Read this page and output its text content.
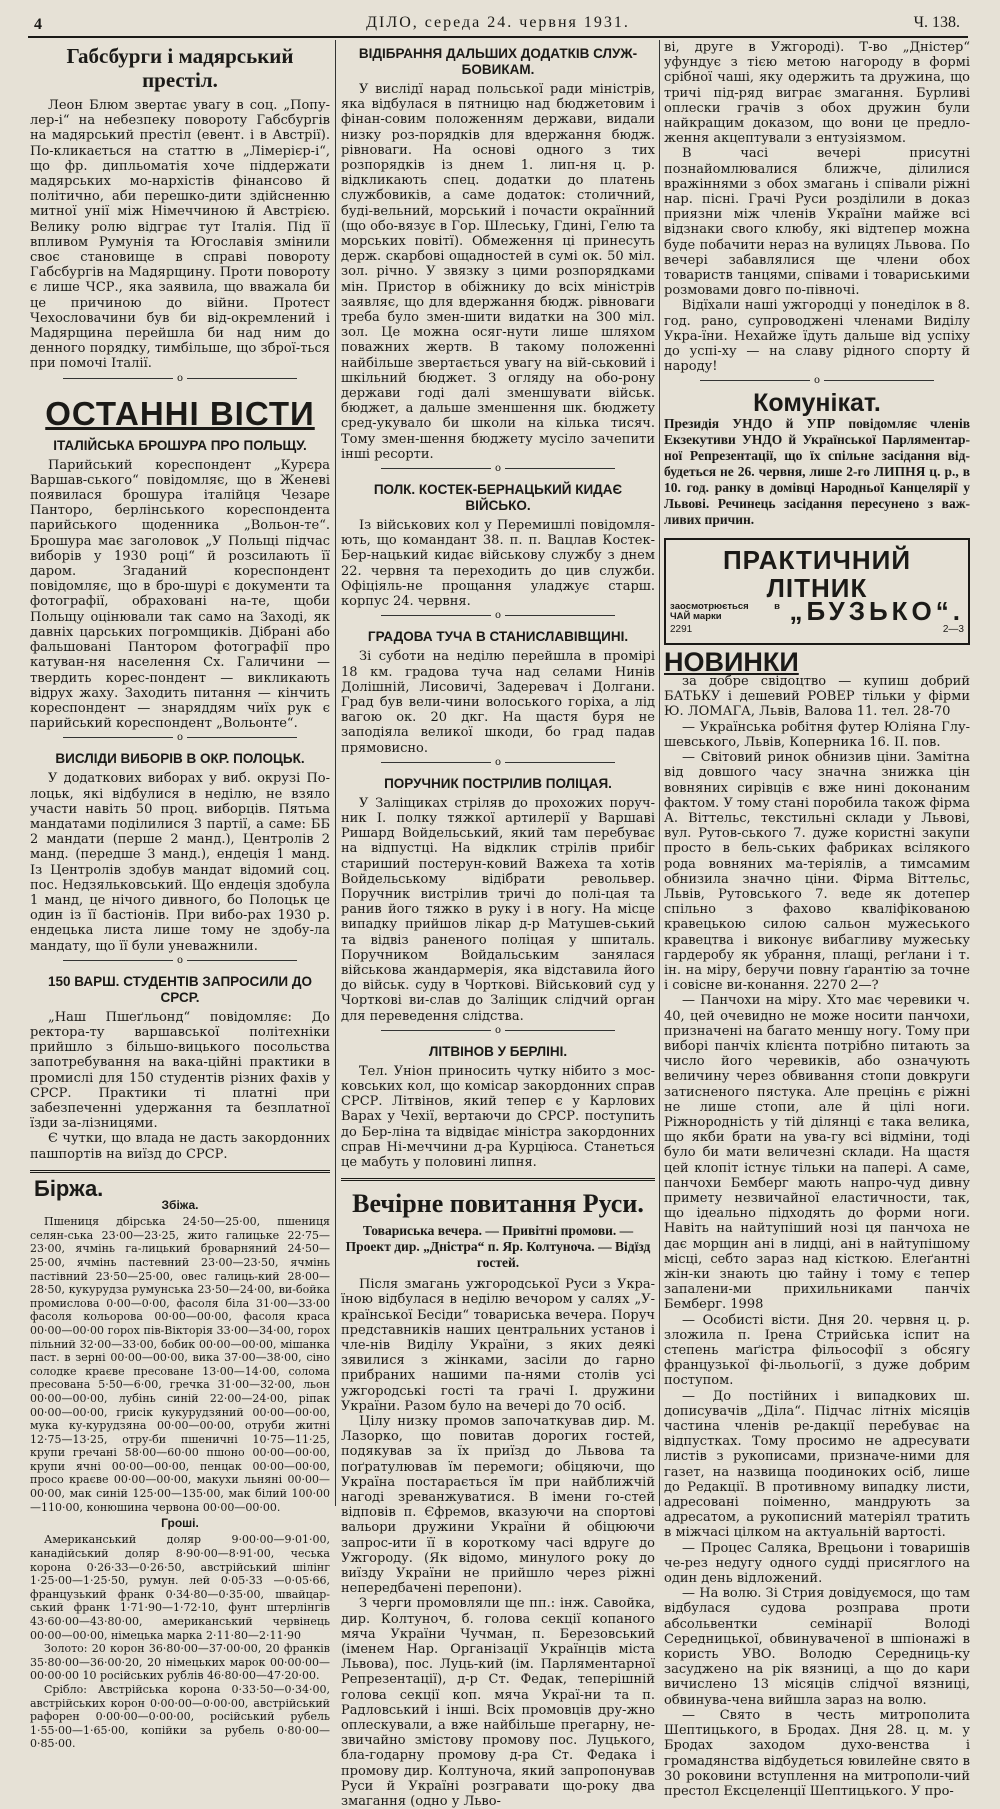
4	ДІЛО, середа 24. червня 1931.	Ч. 138.
Габсбурги і мадярський престіл.

Леон Блюм звертає увагу в соц. „Попу-лер-і“ на небезпеку повороту Габсбургів на мадярський престіл (евент. і в Австрії). По-кликається на статтю в „Лімерієр-і“, що фр. дипльоматія хоче піддержати мадярських мо-нархістів фінансово й політично, аби перешко-дити здійсненню митної унії між Німеччиною й Австрією. Велику ролю відграє тут Італія. Під її впливом Румунія та Югославія змінили своє становище в справі повороту Габсбургів на Мадярщину. Проти повороту є лише ЧСР., яка заявила, що вважала би це причиною до війни. Протест Чехословачини був би від-окремлений і Мадярщина перейшла би над ним до денного порядку, тимбільше, що зброї-ться при помочі Італії.

o
ОСТАННІ ВІСТИ
ІТАЛІЙСЬКА БРОШУРА ПРО ПОЛЬЩУ.

Парийський кореспондент „Курєра Варшав-ського“ повідомляє, що в Женеві появилася брошура італійця Чезаре Панторо, берлінського кореспондента парийського щоденника „Вольон-те“. Брошура має заголовок „У Польщі підчас виборів у 1930 році“ й розсилають її даром. Згаданий кореспондент повідомляє, що в бро-шурі є документи та фотографії, обраховані на-те, щоби Польщу оцінювали так само на Заході, як давніх царських погромщиків. Дібрані або фальшовані Пантором фотографії про катуван-ня населення Сх. Галичини — твердить корес-пондент — викликають відрух жаху. Заходить питання — кінчить кореспондент — знаряддям чиїх рук є парийський кореспондент „Вольонте“.

o
ВИСЛІДИ ВИБОРІВ В ОКР. ПОЛОЦЬК.

У додаткових виборах у виб. окрузі По-лоцьк, які відбулися в неділю, не взяло участи навіть 50 проц. виборців. Пятьма мандатами поділилися 3 партії, а саме: ББ 2 мандати (перше 2 манд.), Центролів 2 манд. (передше 3 манд.), ендеція 1 манд. Із Центролів здобув мандат відомий соц. пос. Недзяльковський. Що ендеція здобула 1 манд, це нічого дивного, бо Полоцьк це один із її бастіонів. При вибо-рах 1930 р. ендецька листа лише тому не здобу-ла мандату, що її були уневажнили.

o
150 ВАРШ. СТУДЕНТІВ ЗАПРОСИЛИ ДО СРСР.

„Наш Пшеґльонд“ повідомляє: До ректора-ту варшавської політехніки прийшло з більшо-вицького посольства запотребування на вака-ційні практики в промислі для 150 студентів різних фахів у СРСР. Практики ті платні при забезпеченні удержання та безплатної їзди за-лізницями.

Є чутки, що влада не дасть закордонних пашпортів на виїзд до СРСР.

Біржа.
Збіжа.

Пшениця дбірська 24·50—25·00, пшениця селян-ська 23·00—23·25, жито галицьке 22·75—23·00, ячмінь га-лицький броварняний 24·50—25·00, ячмінь пастевний 23·00—23·50, ячмінь пастівний 23·50—25·00, овес галиць-кий 28·00—28·50, кукурудза румунська 23·50—24·00, ви-бойка промислова 0·00—0·00, фасоля біла 31·00—33·00 фасоля кольорова 00·00—00·00, фасоля краса 00·00—00·00 горох пів-Вікторія 33·00—34·00, горох пільний 32·00—33·00, бобик 00·00—00·00, мішанка паст. в зерні 00·00—00·00, вика 37·00—38·00, сіно солодке краєве пресоване 13·00—14·00, солома пресована 5·50—6·00, гречка 31·00—32·00, льон 00·00—00·00, лубінь синій 22·00—24·00, ріпак 00·00—00·00, грисік кукурудзяний 00·00—00·00, мука ку-курудзяна 00·00—00·00, отруби житні 12·75—13·25, отру-би пшеничні 10·75—11·25, крупи гречані 58·00—60·00 пшоно 00·00—00·00, крупи ячні 00·00—00·00, пенцак 00·00—00·00, просо краєве 00·00—00·00, макухи льняні 00·00—00·00, мак синій 125·00—135·00, мак білий 100·00—110·00, конюшина червона 00·00—00·00.

Гроші.

Американський доляр 9·00·00—9·01·00, канадійський доляр 8·90·00—8·91·00, чеська корона 0·26·33—0·26·50, австрійський шілінг 1·25·00—1·25·50, румун. лей 0·05·33 —0·05·66, французький франк 0·34·80—0·35·00, швайцар-ський франк 1·71·90—1·72·10, фунт штерлінгів 43·60·00—43·80·00, американський червінець 00·00—00·00, німецька марка 2·11·80—2·11·90

Золото: 20 корон 36·80·00—37·00·00, 20 франків 35·80·00—36·00·20, 20 німецьких марок 00·00·00—00·00·00 10 російських рублів 46·80·00—47·20·00.

Срібло: Австрійська корона 0·33·50—0·34·00, австрійських корон 0·00·00—0·00·00, австрійський рафорен 0·00·00—0·00·00, російський рубель 1·55·00—1·65·00, копійки за рубель 0·80·00—0·85·00.

ВІДІБРАННЯ ДАЛЬШИХ ДОДАТКІВ СЛУЖ-БОВИКАМ.

У вислідї нарад польської ради міністрів, яка відбулася в пятницю над бюджетовим і фінан-совим положенням держави, видали низку роз-порядків для вдержання бюдж. рівноваги. На основі одного з тих розпорядків із днем 1. лип-ня ц. р. відкликають спец. додатки до платень службовиків, а саме додаток: столичний, буді-вельний, морський і почасти окраїнний (що обо-вязує в Гор. Шлеську, Гдині, Гелю та морських повітї). Обмеження ці принесуть держ. скарбові ощадностей в сумі ок. 50 міл. зол. річно. У звязку з цими розпорядками мін. Пристор в обіжнику до всіх міністрів заявляє, що для вдержання бюдж. рівноваги треба було змен-шити видатки на 300 міл. зол. Це можна осяг-нути лише шляхом поважних жертв. В такому положенні найбільше звертається увагу на вій-ськовий і шкільний бюджет. З огляду на обо-рону держави годі далі зменшувати військ. бюджет, а дальше зменшення шк. бюджету сред-укувало би школи на кілька тисяч. Тому змен-шення бюджету мусіло зачепити інші ресорти.

o
ПОЛК. КОСТЕК-БЕРНАЦЬКИЙ КИДАЄ ВІЙСЬКО.

Із військових кол у Перемишлі повідомля-ють, що командант 38. п. п. Вацлав Костек-Бер-нацький кидає військову службу з днем 22. червня та переходить до цив служби. Офіціяль-не прощання уладжує старш. корпус 24. червня.

o
ГРАДОВА ТУЧА В СТАНИСЛАВІВЩИНІ.

Зі суботи на неділю перейшла в промірі 18 км. градова туча над селами Нинів Долішній, Лисовичі, Задеревач і Долгани. Град був вели-чини волоського горіха, а лід вагою ок. 20 дкг. На щастя буря не заподіяла великої шкоди, бо град падав прямовисно.

o
ПОРУЧНИК ПОСТРІЛИВ ПОЛІЦАЯ.

У Заліщиках стріляв до прохожих поруч-ник І. полку тяжкої артилерії у Варшаві Ришард Войдельський, який там перебуває на відпустці. На відклик стрілів прибіг стариший постерун-ковий Важеха та хотів Войдельському відібрати револьвер. Поручник вистрілив тричі до полі-цая та ранив його тяжко в руку і в ногу. На місце випадку прийшов лікар д-р Матушев-ський та відвіз раненого поліцая у шпиталь. Поручником Войдальським занялася військова жандармерія, яка відставила його до військ. суду в Чорткові. Військовий суд у Чорткові ви-слав до Заліщик слідчий орган для переведення слідства.

o
ЛІТВІНОВ У БЕРЛІНІ.

Тел. Уніон приносить чутку нібито з мос-ковських кол, що комісар закордонних справ СРСР. Літвінов, який тепер є у Карлових Варах у Чехії, вертаючи до СРСР. поступить до Бер-ліна та відвідає міністра закордонних справ Ні-меччини д-ра Курціюса. Станеться це мабуть у половині липня.

Вечірне повитання Руси.
Товариська вечера. — Привітні промови. — Проект дир. „Дністра“ п. Яр. Колтуноча. — Відїзд гостей.

Після змагань ужгородської Руси з Укра-їною відбулася в неділю вечором у салях „У-країнської Бесіди“ товариська вечера. Поруч представників наших центральних установ і чле-нів Виділу України, з яких деякі зявилися з жінками, засіли до гарно прибраних нашими па-нями столів усі ужгородські гості та грачі І. дружини України. Разом було на вечері до 70 осіб.

Цілу низку промов започаткував дир. М. Лазорко, що повитав дорогих гостей, подякував за їх приїзд до Львова та поґратулював їм перемоги; обіцяючи, що Україна постарається їм при найближчій нагоді зреванжуватися. В імени го-стей відповів п. Єфремов, вказуючи на спортові вальори дружини України й обіцюючи запрос-ити її в короткому часі вдруге до Ужгороду. (Як відомо, минулого року до виїзду України не прийшло через ріжні непередбачені перепони).

З черги промовляли ще пп.: інж. Савойка, дир. Колтуноч, б. голова секції копаного мяча України Чучман, п. Березовський (іменем Нар. Організації Українців міста Львова), пос. Луць-кий (ім. Парляментарної Репрезентації), д-р Ст. Федак, теперішній голова секції коп. мяча Украї-ни та п. Радловський і інші. Всіх промовців дру-жно оплескували, а вже найбільше прегарну, не-звичайно змістову промову пос. Луцького, бла-годарну промову д-ра Ст. Федака і промову дир. Колтуноча, який запропонував Руси й Україні розгравати що-року два змагання (одно у Льво-

ві, друге в Ужгороді). Т-во „Дністер“ уфундує з тією метою нагороду в формі срібної чаші, яку одержить та дружина, що тричі під-ряд виграє змагання. Бурливі оплески грачів з обох дружин були найкращим доказом, що вони це предло-ження акцептували з ентузіязмом.

В часі вечері присутні познайомлювалися ближче, ділилися вражіннями з обох змагань і співали ріжні нар. пісні. Грачі Руси розділили в доказ приязни між членів України майже всі відзнаки свого клюбу, які відтепер можна буде побачити нераз на вулицях Львова. По вечері забавлялися ще члени обох товариств танцями, співами і товариськими розмовами довго по-півночі.

Відїхали наші ужгородці у понеділок в 8. год. рано, супроводжені членами Виділу Укра-їни. Нехайже їдуть дальше від успіху до успі-ху — на славу рідного спорту й народу!

o
Комунікат.
Президія УНДО й УПР повідомляє членів Екзекутиви УНДО й Української Парляментар-ної Репрезентації, що їх спільне засідання від-будеться не 26. червня, лише 2-го ЛИПНЯ ц. р., в 10. год. ранку в домівці Народньої Канцелярії у Львові. Речинець засідання пересунено з важ-ливих причин.
ПРАКТИЧНИЙ ЛІТНИК
зaoсмотрюється в ЧАЙ марки	„БУЗЬКО“.
2291	2—3
НОВИНКИ

за добре свідоцтво — купиш добрий БАТЬКУ і дешевий РОВЕР тільки у фірми Ю. ЛОМАГА, Львів, Валова 11. тел. 28-70

— Українська робітня футер Юліяна Глу-шевського, Львів, Коперника 16. II. пов.

— Світовий ринок обнизив ціни. Замітна від довшого часу значна знижка цін вовняних сирівців є вже нині доконаним фактом. У тому стані поробила також фірма А. Віттельс, текстильні склади у Львові, вул. Рутов-ського 7. дуже користні закупи просто в бель-ських фабриках всілякого рода вовняних ма-теріялів, а тимсамим обнизила значно ціни. Фірма Віттельс, Львів, Рутовського 7. веде як дотепер спільно з фахово кваліфікованою кравецькою силою сальон мужеського кравецтва і виконує вибагливу мужеську гардеробу як убрання, плащі, реґлани і т. ін. на міру, беручи повну ґарантію за точне і совісне ви-конання. 2270 2—?

— Панчохи на міру. Хто має черевики ч. 40, цей очевидно не може носити панчохи, призначені на багато меншу ногу. Тому при виборі панчіх клієнта потрібно питають за число його черевиків, або означують величину через обвивання стопи довкруги затисненого пястука. Але прецінь є ріжні не лише стопи, але й цілі ноги. Ріжнородність у тій ділянці є така велика, що якби брати на ува-гу всі відміни, тоді було би мати величезні склади. На щастя цей клопіт істнує тільки на папері. А саме, панчохи Бемберг мають напро-чуд дивну примету незвичайної еластичности, так, що ідеально підходять до форми ноги. Навіть на найтупіший нозі ця панчоха не дає морщин ані в лидці, ані в найтупішому місці, себто зараз над кісткою. Елеґантні жін-ки знають цю тайну і тому є тепер запалени-ми прихильниками панчіх Бемберг. 1998

— Особисті вісти. Дня 20. червня ц. р. зложила п. Ірена Стрийська іспит на степень маґістра фільософії з обсягу французької фі-льольогії, з дуже добрим поступом.

— До постійних і випадкових ш. дописувачів „Діла“. Підчас літніх місяців частина членів ре-дакції перебуває на відпустках. Тому просимо не адресувати листів з рукописами, призначе-ними для газет, на назвища поодиноких осіб, лише до Редакції. В противному випадку листи, адресовані поіменно, мандрують за адресатом, а рукописний матеріял тратить в міжчасі цілком на актуальній вартості.

— Процес Саляка, Врецьони і товаришів че-рез недугу одного судді присяглого на один день відложений.

— На волю. Зі Стрия довідуємося, що там відбулася судова розправа проти абсольвентки семінарії Володі Середницької, обвинуваченої в шпіонажі в користь УВО. Володю Середниць-ку засуджено на рік вязниці, а що до кари вичислено 13 місяців слідчої вязниці, обвинува-чена вийшла зараз на волю.

— Свято в честь митрополита Шептицького, в Бродах. Дня 28. ц. м. у Бродах заходом духо-венства і громадянства відбудеться ювилейне свято в 30 роковини вступлення на митрополи-чий престол Ексцеленції Шептицького. У про-
